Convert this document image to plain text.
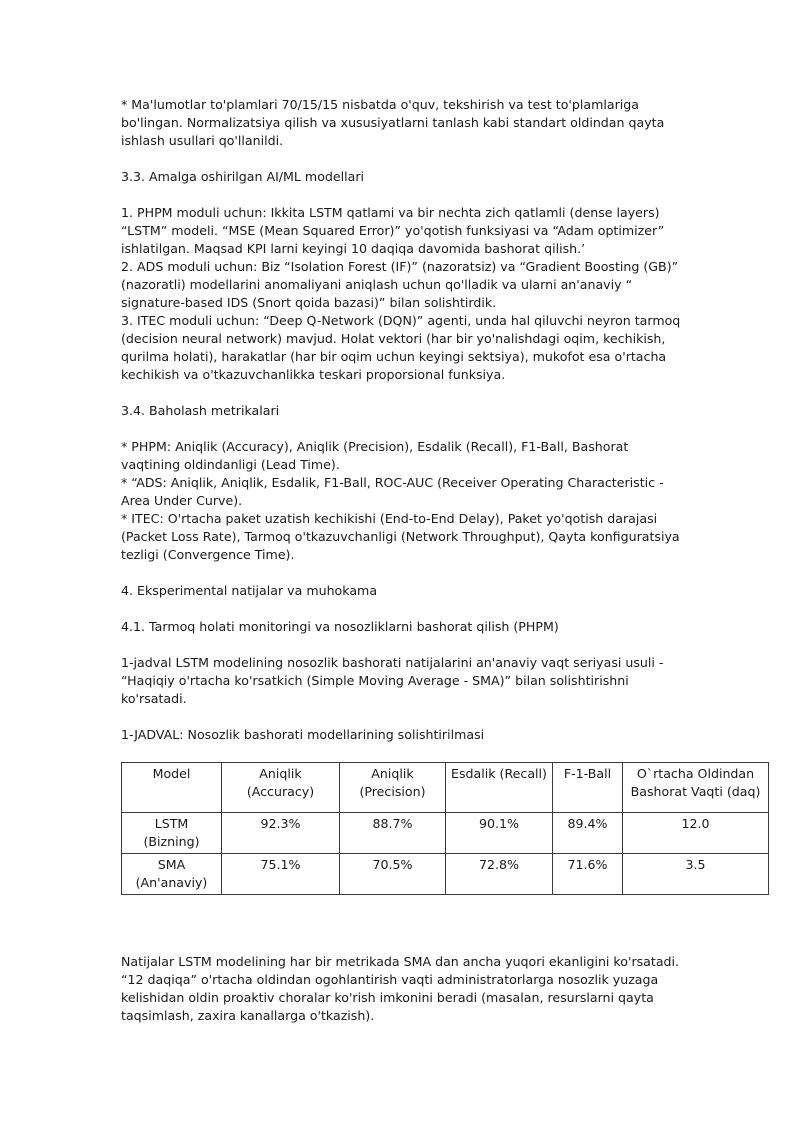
* Ma'lumotlar to'plamlari 70/15/15 nisbatda o'quv, tekshirish va test to'plamlariga bo'lingan. Normalizatsiya qilish va xususiyatlarni tanlash kabi standart oldindan qayta ishlash usullari qo'llanildi.

3.3. Amalga oshirilgan AI/ML modellari

1. PHPM moduli uchun: Ikkita LSTM qatlami va bir nechta zich qatlamli (dense layers) “LSTM” modeli. “MSE (Mean Squared Error)” yo'qotish funksiyasi va “Adam optimizer” ishlatilgan. Maqsad KPI larni keyingi 10 daqiqa davomida bashorat qilish.’

2. ADS moduli uchun: Biz “Isolation Forest (IF)” (nazoratsiz) va “Gradient Boosting (GB)” (nazoratli) modellarini anomaliyani aniqlash uchun qo'lladik va ularni an'anaviy “ signature-based IDS (Snort qoida bazasi)” bilan solishtirdik.

3. ITEC moduli uchun: “Deep Q-Network (DQN)” agenti, unda hal qiluvchi neyron tarmoq (decision neural network) mavjud. Holat vektori (har bir yo'nalishdagi oqim, kechikish, qurilma holati), harakatlar (har bir oqim uchun keyingi sektsiya), mukofot esa o'rtacha kechikish va o'tkazuvchanlikka teskari proporsional funksiya.

3.4. Baholash metrikalari

* PHPM: Aniqlik (Accuracy), Aniqlik (Precision), Esdalik (Recall), F1-Ball, Bashorat vaqtining oldindanligi (Lead Time).

* “ADS: Aniqlik, Aniqlik, Esdalik, F1-Ball, ROC-AUC (Receiver Operating Characteristic - Area Under Curve).

* ITEC: O'rtacha paket uzatish kechikishi (End-to-End Delay), Paket yo'qotish darajasi (Packet Loss Rate), Tarmoq o'tkazuvchanligi (Network Throughput), Qayta konfiguratsiya tezligi (Convergence Time).

4. Eksperimental natijalar va muhokama

4.1. Tarmoq holati monitoringi va nosozliklarni bashorat qilish (PHPM)

1-jadval LSTM modelining nosozlik bashorati natijalarini an'anaviy vaqt seriyasi usuli - “Haqiqiy o'rtacha ko'rsatkich (Simple Moving Average - SMA)” bilan solishtirishni ko'rsatadi.

1-JADVAL: Nosozlik bashorati modellarining solishtirilmasi

Model	Aniqlik (Accuracy)	Aniqlik (Precision)	Esdalik (Recall)	F-1-Ball	O`rtacha Oldindan Bashorat Vaqti (daq)
LSTM (Bizning)	92.3%	88.7%	90.1%	89.4%	12.0
SMA (An'anaviy)	75.1%	70.5%	72.8%	71.6%	3.5

Natijalar LSTM modelining har bir metrikada SMA dan ancha yuqori ekanligini ko'rsatadi. “12 daqiqa” o'rtacha oldindan ogohlantirish vaqti administratorlarga nosozlik yuzaga kelishidan oldin proaktiv choralar ko'rish imkonini beradi (masalan, resurslarni qayta taqsimlash, zaxira kanallarga o'tkazish).
